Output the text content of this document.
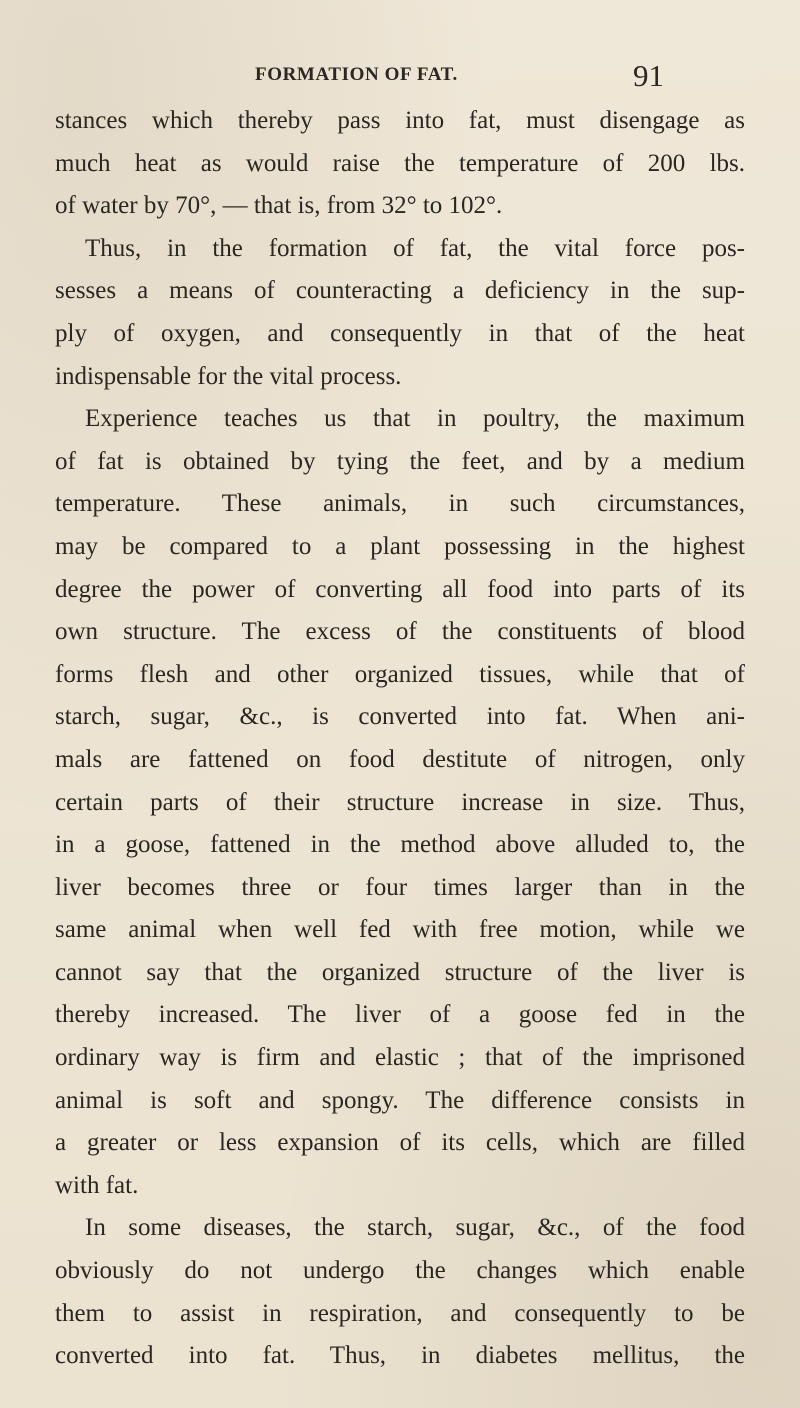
FORMATION OF FAT.	91
stances which thereby pass into fat, must disengage as
much heat as would raise the temperature of 200 lbs.
of water by 70°, — that is, from 32° to 102°.
Thus, in the formation of fat, the vital force pos-
sesses a means of counteracting a deficiency in the sup-
ply of oxygen, and consequently in that of the heat
indispensable for the vital process.
Experience teaches us that in poultry, the maximum
of fat is obtained by tying the feet, and by a medium
temperature. These animals, in such circumstances,
may be compared to a plant possessing in the highest
degree the power of converting all food into parts of its
own structure. The excess of the constituents of blood
forms flesh and other organized tissues, while that of
starch, sugar, &c., is converted into fat. When ani-
mals are fattened on food destitute of nitrogen, only
certain parts of their structure increase in size. Thus,
in a goose, fattened in the method above alluded to, the
liver becomes three or four times larger than in the
same animal when well fed with free motion, while we
cannot say that the organized structure of the liver is
thereby increased. The liver of a goose fed in the
ordinary way is firm and elastic ; that of the imprisoned
animal is soft and spongy. The difference consists in
a greater or less expansion of its cells, which are filled
with fat.
In some diseases, the starch, sugar, &c., of the food
obviously do not undergo the changes which enable
them to assist in respiration, and consequently to be
converted into fat. Thus, in diabetes mellitus, the
